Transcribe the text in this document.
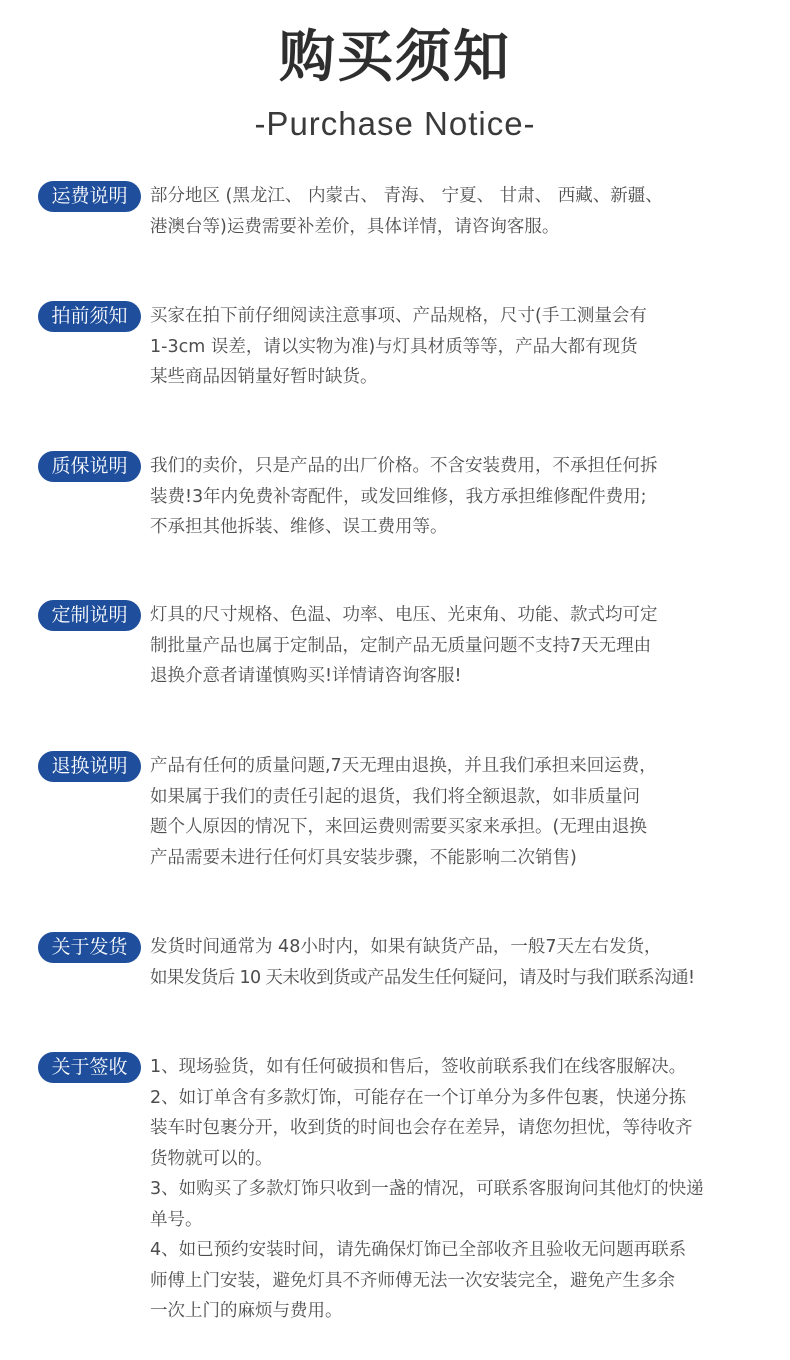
购买须知
-Purchase Notice-
运费说明	部分地区 (黑龙江、 内蒙古、 青海、 宁夏、 甘肃、 西藏、新疆、
港澳台等)运费需要补差价，具体详情，请咨询客服。
拍前须知	买家在拍下前仔细阅读注意事项、产品规格，尺寸(手工测量会有
1-3cm 误差，请以实物为准)与灯具材质等等，产品大都有现货
某些商品因销量好暂时缺货。
质保说明	我们的卖价，只是产品的出厂价格。不含安装费用，不承担任何拆
装费!3年内免费补寄配件，或发回维修，我方承担维修配件费用;
不承担其他拆装、维修、误工费用等。
定制说明	灯具的尺寸规格、色温、功率、电压、光束角、功能、款式均可定
制批量产品也属于定制品，定制产品无质量问题不支持7天无理由
退换介意者请谨慎购买!详情请咨询客服!
退换说明	产品有任何的质量问题,7天无理由退换，并且我们承担来回运费，
如果属于我们的责任引起的退货，我们将全额退款，如非质量问
题个人原因的情况下，来回运费则需要买家来承担。(无理由退换
产品需要未进行任何灯具安装步骤，不能影响二次销售)
关于发货	发货时间通常为 48小时内，如果有缺货产品，一般7天左右发货，
如果发货后 10 天未收到货或产品发生任何疑问，请及时与我们联系沟通!
关于签收	1、现场验货，如有任何破损和售后，签收前联系我们在线客服解决。
2、如订单含有多款灯饰，可能存在一个订单分为多件包裹，快递分拣
装车时包裹分开，收到货的时间也会存在差异，请您勿担忧，等待收齐
货物就可以的。
3、如购买了多款灯饰只收到一盏的情况，可联系客服询问其他灯的快递
单号。
4、如已预约安装时间，请先确保灯饰已全部收齐且验收无问题再联系
师傅上门安装，避免灯具不齐师傅无法一次安装完全，避免产生多余
一次上门的麻烦与费用。
